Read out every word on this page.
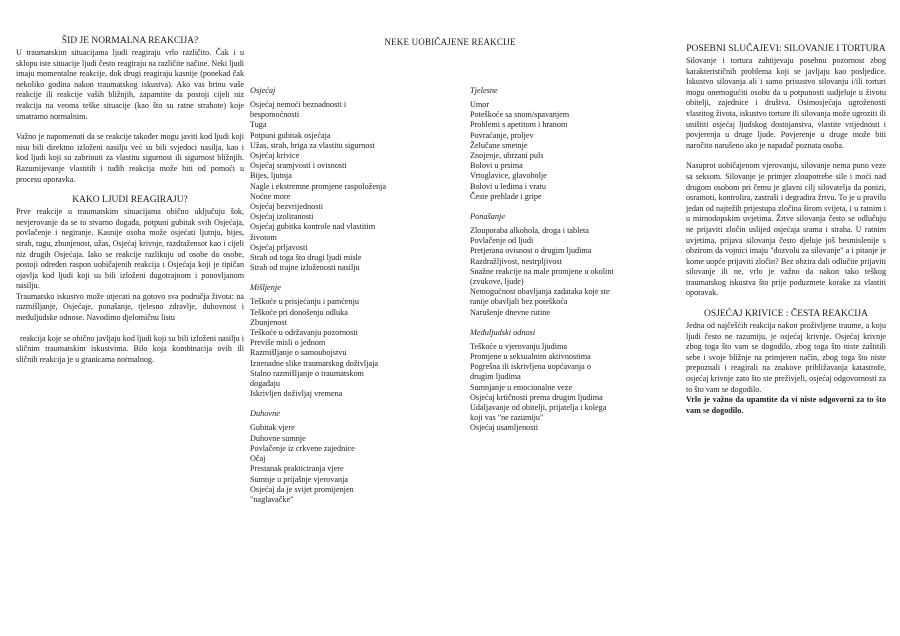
NEKE UOBIČAJENE REAKCIJE
ŠID JE NORMALNA REAKCIJA?

U traumatskim situacijama ljudi reagiraju vrlo različito. Čak i u sklopu iste situacije ljudi često reagiraju na različite načine. Neki ljudi imaju momentalne reakcije, dok drugi reagiraju kasnije (ponekad čak nekoliko godina nakon traumatskog iskustva). Ako vas brinu vaše reakcije ili reakcije vaših bližnjih, zapamtite da postoji cijeli niz reakcija na veoma teške situacije (kao što su ratne strahote) koje smatramo normalnim.

Važno je napomenuti da se reakcije također mogu javiti kod ljudi koji nisu bili direktno izloženi nasilju već su bili svjedoci nasilja, kao i kod ljudi koji su zabrinuti za vlastitu sigurnost ili sigurnost bližnjih. Razumijevanje vlastitih i tuđih reakcija može biti od pomoći u procesu oporavka.

KAKO LJUDI REAGIRAJU?

Prve reakcije u traumatskim situacijama obično uključuju šok, nevjerovanje da se to stvarno događa, potpuni gubitak svih Osjećaja, povlačenje i negiranje. Kasnije osoba može osjećati ljutnju, bijes, strah, tugu, zbunjenost, užas, Osjećaj krivnje, razdražensot kao i cijeli niz drugih Osjećaja. Iako se reakcije razlikuju od osobe do osobe, postoji određen raspon uobičajenih reakcija i Osjećaja koji je tipičan ojavlja kod ljudi koji su bili izloženi dugotrajnom i ponovljanom nasilju.

Traumatsko iskustvo može utjecati na gotovo sva područja života: na razmišljanje, Osjećaje, ponašanje, tjelesno zdravlje, duhovnost i međuljudske odnose. Navodimo djelomičnu listu

reakcija koje se obično javljaju kod ljudi koji su bili izloženi nasilju i sličnim traumatskim iskustvima. Bilo koja kombinacija ovih ili sličnih reakcija je u granicama normalnog.

Osjećaj
Osjećaj nemoći beznadnosti i
bespomoćnosti
Tuga
Potpuni gubitak osjećaja
Užas, strah, briga za vlastitu sigurnost
Osjećaj krivice
Osjećaj sramjvosti i ovisnosti
Bijes, ljutnja
Nagle i ekstremne promjene raspoloženja
Noćne more
Osjećaj bezvrijednosti
Osjećaj izoliranosti
Osjećaj gubitka kontrole nad vlastitim
životom
Osjećaj prljavosti
Strah od toga što drugi ljudi misle
Strah od trajne izloženosti nasilju
Mišljenje
Teškoće u prisjećanju i pamćenju
Teškoće pri donošenju odluka
Zbunjenost
Teškoće u održavanju pozornosti
Previše misli o jednom
Razmišljanje o samoubojstvu
Iznenadne slike traumatskog doživljaja
Stalno razmišljanje o traumatskom
događaju
Iskrivljen doživljaj vremena
Duhovne
Gubitak vjere
Duhovne sumnje
Povlačenje iz crkvene zajednice
Očaj
Prestanak prakticiranja vjere
Sumnje u prijašnje vjerovanja
Osjećaj da je svijet promijenjen
"naglavačke"
Tjelesne
Umor
Poteškoće sa snom/spavanjem
Problemi s apetitom i hranom
Povraćanje, proljev
Želučane smetnje
Znojenje, ubrzani puls
Bolovi u prsima
Vrtoglavice, glavobolje
Bolovi u leđima i vratu
Česte prehlade i gripe
Ponašanje
Zlouporaba alkohola, droga i tableta
Povlačenje od ljudi
Pretjerana ovisnost o drugim ljudima
Razdražljivost, nestrpljivost
Snažne reakcije na male promjene u okolini
(zvukove, ljude)
Nemogućnost obavljanja zadataka koje ste
ranije obavljali bez poteškoća
Narušenje dnevne rutine
Međuljudski odnosi
Teškoće u vjerovanju ljudima
Promjene u seksualnim aktivnostima
Pogrešna ili iskrivljena uopćavanja o
drugim ljudima
Sumnjanje u emocionalne veze
Osjećaj krtičnosti prema drugim ljudima
Udaljavanje od obitelji, prijatelja i kolega
koji vas "ne razumiju"
Osjećaj usamljenosti
POSEBNI SLUČAJEVI: SILOVANJE I TORTURA

Silovanje i tortura zahtijevaju posebnu pozornost zbog karakterističnih problema koji se javljaju kao posljedice. Iskustvo silovanja ali i samo prisustvo silovanju i/ili torturi mogu onemogućiti osobu da u potpunosti sudjeluje u životu obitelji, zajednice i društva. Osimosjećaja ugroženosti vlastitog života, iskustvo torture ili silovanja može ugroziti ili uništiti osjećaj ljudskog dostojanstva, vlastite vrijednosti i povjerenja u druge ljude. Povjerenje u druge može biti naročito narušeno ako je napadač poznata osoba.

Nasuprot uobičajenom vjerovanju, silovanje nema puno veze sa seksom. Silovanje je primjer zloupotrebe sile i moći nad drugom osobom pri čemu je glavni cilj silovatelja da ponizi, osramoti, kontrolira, zastraši i degradira žrtvu. To je u pravilu jedan od najtežih prijestupa zločina širom svijeta, i u ratnim i u mirnodopskim uvjetima. Žrtve silovanja često se odlučuju ne prijaviti zločin uslijed osjećaja srama i straha. U ratnim uvjetima, prijava silovanja često djeluje još besmislenije s obzirom da vojnici imaju "dozvolu za silovanje" a i pitanje je kome uopće prijaviti zločin? Bez obzira dali odlučite prijaviti silovanje ili ne, vrlo je važno da nakon tako teškog traumatskog iskustva što prije poduzmete korake za vlastiti oporavak.

OSJEĆAJ KRIVICE : ČESTA REAKCIJA

Jedna od najčešćih reakcija nakon proživljene traume, a koju ljudi često ne razumiju, je osjećaj krivnje. Osjećaj krivnje zbog toga što vam se dogodilo, zbog toga što niste zaštitili sebe i svoje bližnje na primjeren način, zbog toga što niste prepoznali i reagirali na znakove približavanja katastrofe, osjećaj krivnje zato što ste preživjeli, osjećaj odgovornosti za to što vam se dogodilo.

Vrlo je važno da upamtite da vi niste odgovorni za to što vam se dogodilo.
